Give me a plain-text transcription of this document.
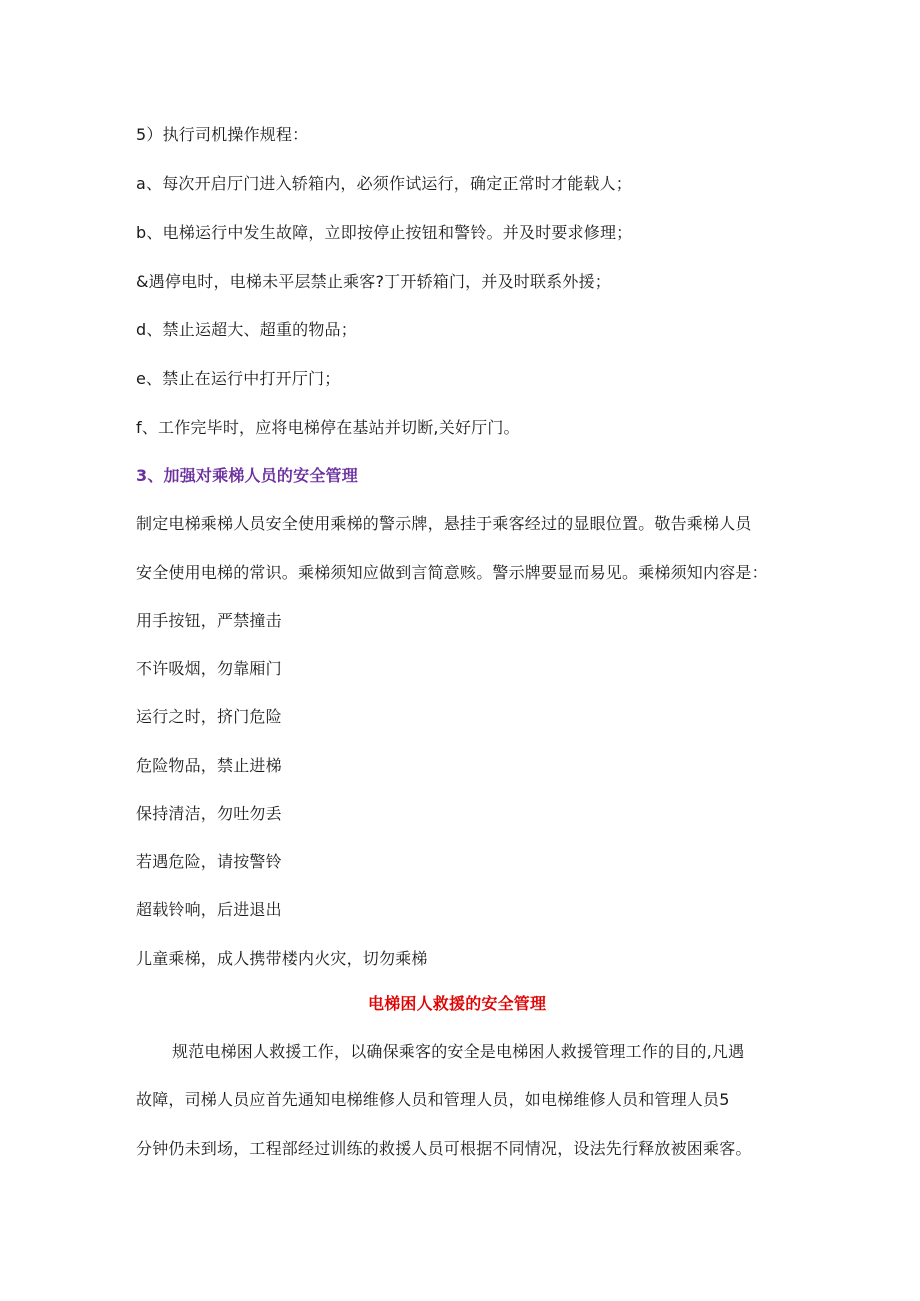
5）执行司机操作规程：
a、每次开启厅门进入轿箱内，必须作试运行，确定正常时才能载人；
b、电梯运行中发生故障，立即按停止按钮和警铃。并及时要求修理；
&遇停电时，电梯未平层禁止乘客?丁开轿箱门，并及时联系外援；
d、禁止运超大、超重的物品；
e、禁止在运行中打开厅门；
f、工作完毕时，应将电梯停在基站并切断,关好厅门。
3、加强对乘梯人员的安全管理
制定电梯乘梯人员安全使用乘梯的警示牌，悬挂于乘客经过的显眼位置。敬告乘梯人员
安全使用电梯的常识。乘梯须知应做到言简意赅。警示牌要显而易见。乘梯须知内容是：
用手按钮，严禁撞击
不许吸烟，勿靠厢门
运行之时，挤门危险
危险物品，禁止进梯
保持清洁，勿吐勿丢
若遇危险，请按警铃
超载铃响，后进退出
儿童乘梯，成人携带楼内火灾，切勿乘梯
电梯困人救援的安全管理
规范电梯困人救援工作，以确保乘客的安全是电梯困人救援管理工作的目的,凡遇
故障，司梯人员应首先通知电梯维修人员和管理人员，如电梯维修人员和管理人员5
分钟仍未到场，工程部经过训练的救援人员可根据不同情况，设法先行释放被困乘客。
